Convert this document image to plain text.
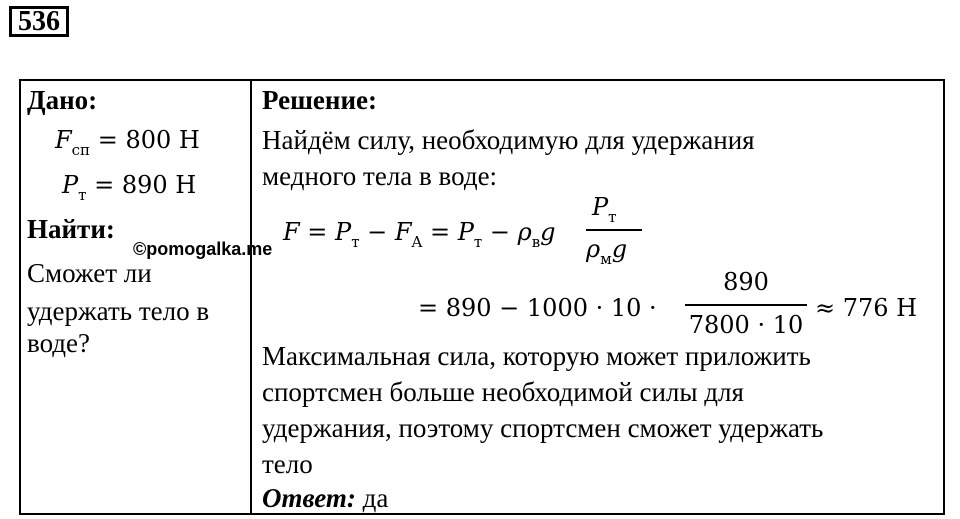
536
Дано:
$F_{сп} = 800$ Н
$P_т = 890$ Н
Найти:
Сможет ли
удержать тело в
воде?
©pomogalka.me
Решение:
Найдём силу, необходимую для удержания
медного тела в воде:
$F = P_т - F_A = P_т - \rho_вg$
$P_т$
$\rho_мg$
= 890 − 1000 · 10 ·
890
7800 · 10
≈ 776 Н
Максимальная сила, которую может приложить
спортсмен больше необходимой силы для
удержания, поэтому спортсмен сможет удержать
тело
Ответ: да
